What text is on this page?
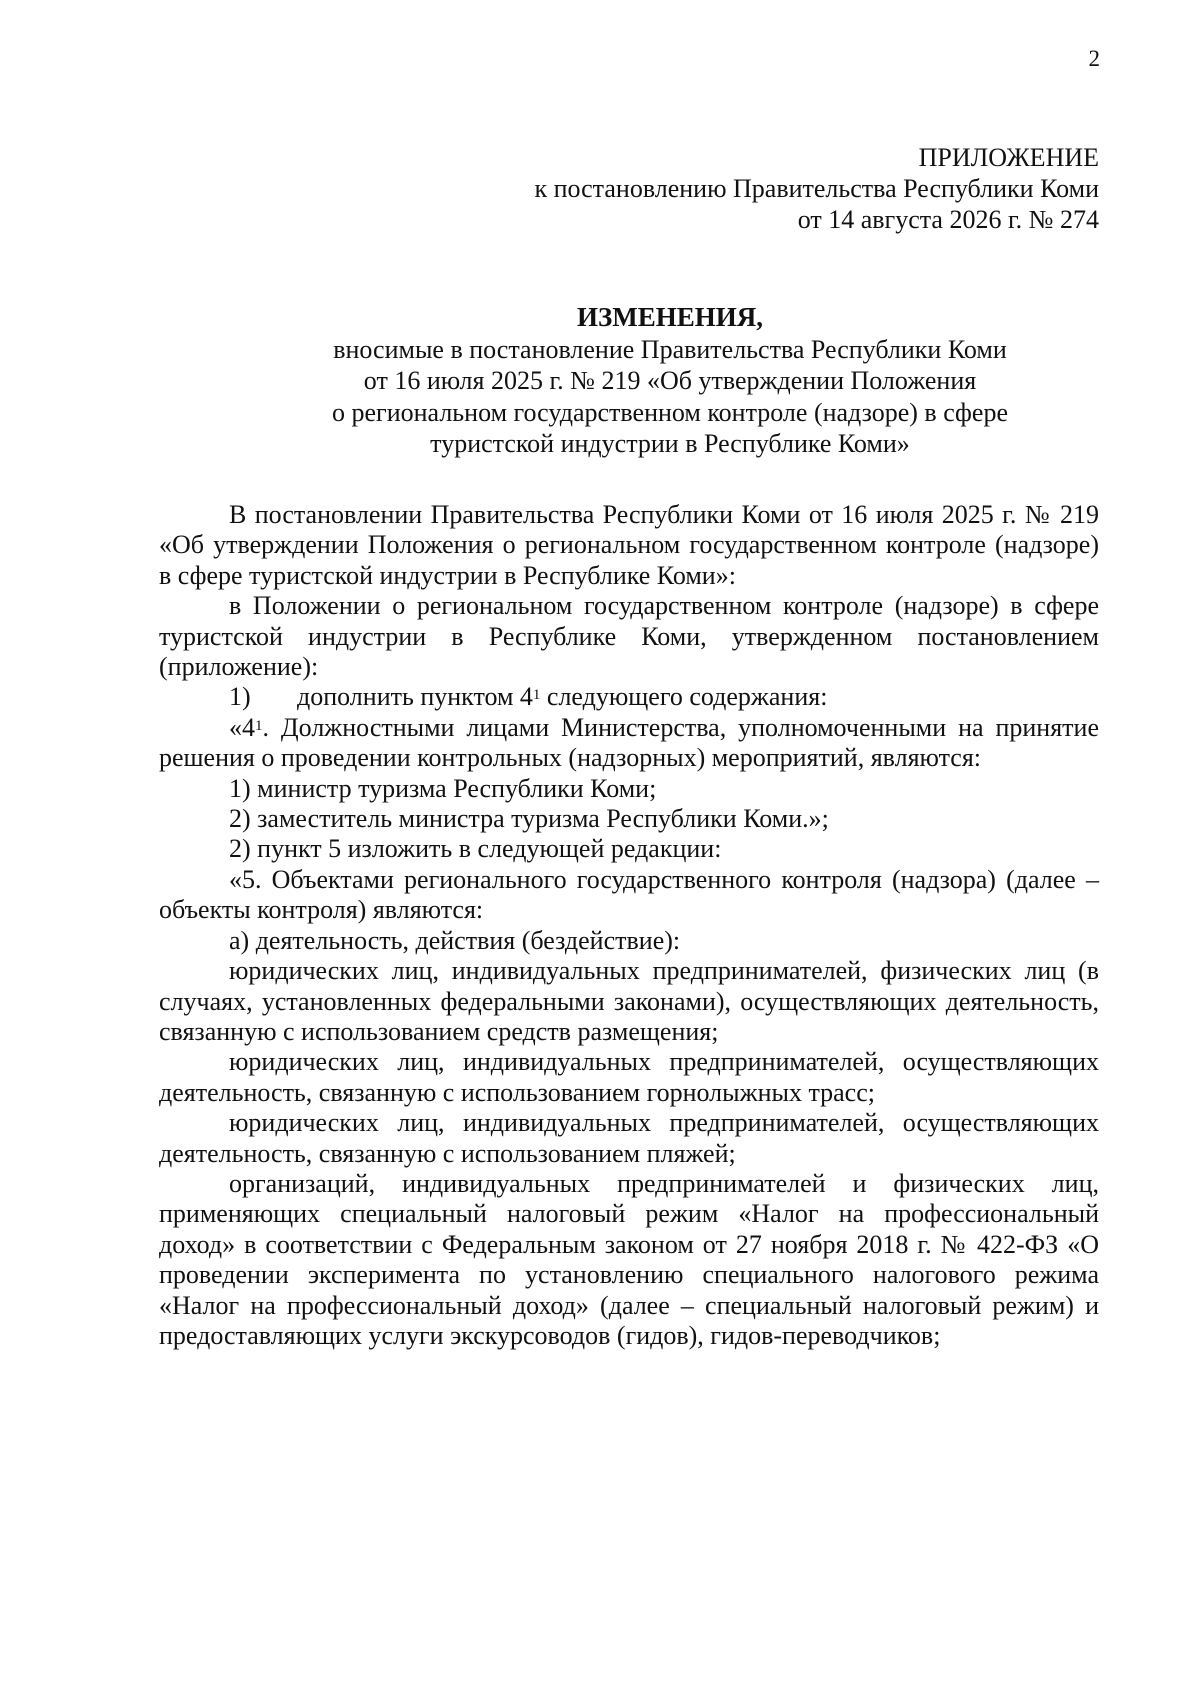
2
ПРИЛОЖЕНИЕ
к постановлению Правительства Республики Коми
от 14 августа 2026 г. № 274
ИЗМЕНЕНИЯ,
вносимые в постановление Правительства Республики Коми
от 16 июля 2025 г. № 219 «Об утверждении Положения
о региональном государственном контроле (надзоре) в сфере
туристской индустрии в Республике Коми»

В постановлении Правительства Республики Коми от 16 июля 2025 г. № 219 «Об утверждении Положения о региональном государственном контроле (надзоре) в сфере туристской индустрии в Республике Коми»:

в Положении о региональном государственном контроле (надзоре) в сфере туристской индустрии в Республике Коми, утвержденном постановлением (приложение):

1) дополнить пунктом $4^1$ следующего содержания:

«$4^1$. Должностными лицами Министерства, уполномоченными на принятие решения о проведении контрольных (надзорных) мероприятий, являются:

1) министр туризма Республики Коми;

2) заместитель министра туризма Республики Коми.»;

2) пункт 5 изложить в следующей редакции:

«5. Объектами регионального государственного контроля (надзора) (далее – объекты контроля) являются:

а) деятельность, действия (бездействие):

юридических лиц, индивидуальных предпринимателей, физических лиц (в случаях, установленных федеральными законами), осуществляющих деятельность, связанную с использованием средств размещения;

юридических лиц, индивидуальных предпринимателей, осуществляющих деятельность, связанную с использованием горнолыжных трасс;

юридических лиц, индивидуальных предпринимателей, осуществляющих деятельность, связанную с использованием пляжей;

организаций, индивидуальных предпринимателей и физических лиц, применяющих специальный налоговый режим «Налог на профессиональный доход» в соответствии с Федеральным законом от 27 ноября 2018 г. № 422-ФЗ «О проведении эксперимента по установлению специального налогового режима «Налог на профессиональный доход» (далее – специальный налоговый режим) и предоставляющих услуги экскурсоводов (гидов), гидов-переводчиков;
